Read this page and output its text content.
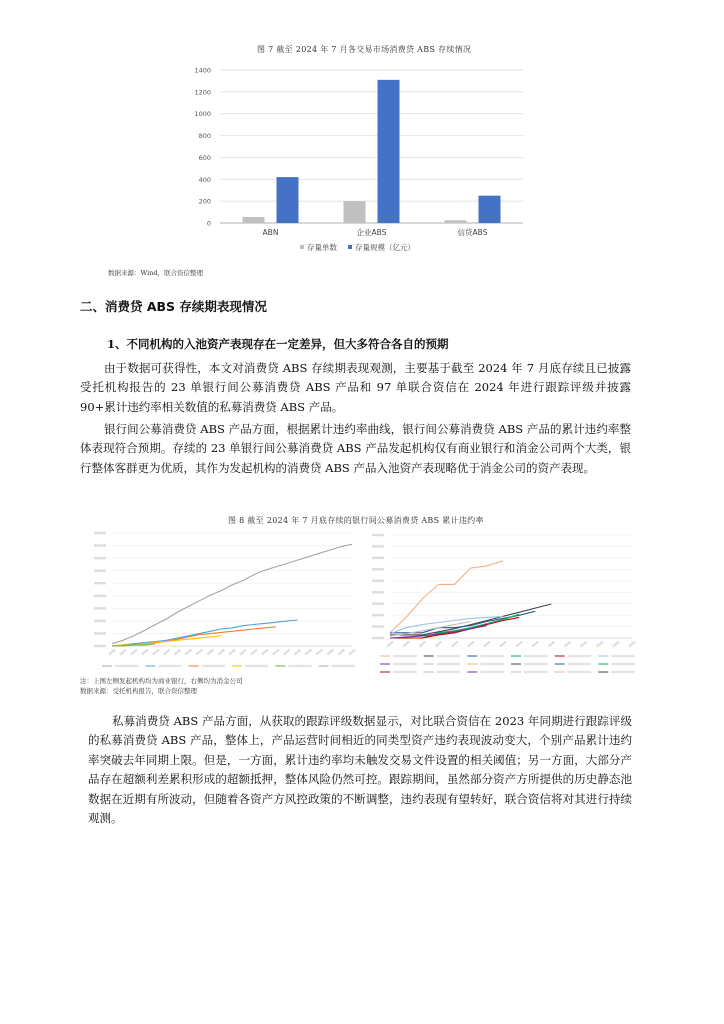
图 7 截至 2024 年 7 月各交易市场消费贷 ABS 存续情况
0
200
400
600
800
1000
1200
1400
ABN	企业ABS	信贷ABS
存量单数 存量规模（亿元）
数据来源：Wind，联合资信整理
二、消费贷 ABS 存续期表现情况
1、不同机构的入池资产表现存在一定差异，但大多符合各自的预期
由于数据可获得性，本文对消费贷 ABS 存续期表现观测，主要基于截至 2024 年 7 月底存续且已披露受托机构报告的 23 单银行间公募消费贷 ABS 产品和 97 单联合资信在 2024 年进行跟踪评级并披露 90+累计违约率相关数值的私募消费贷 ABS 产品。
银行间公募消费贷 ABS 产品方面，根据累计违约率曲线，银行间公募消费贷 ABS 产品的累计违约率整体表现符合预期。存续的 23 单银行间公募消费贷 ABS 产品发起机构仅有商业银行和消金公司两个大类，银行整体客群更为优质，其作为发起机构的消费贷 ABS 产品入池资产表现略优于消金公司的资产表现。
图 8 截至 2024 年 7 月底存续的银行间公募消费贷 ABS 累计违约率
注：上图左侧发起机构均为商业银行，右侧均为消金公司
数据来源：受托机构报告，联合资信整理
私募消费贷 ABS 产品方面，从获取的跟踪评级数据显示，对比联合资信在 2023 年同期进行跟踪评级的私募消费贷 ABS 产品，整体上，产品运营时间相近的同类型资产违约表现波动变大，个别产品累计违约率突破去年同期上限。但是，一方面，累计违约率均未触发交易文件设置的相关阈值；另一方面，大部分产品存在超额利差累积形成的超额抵押，整体风险仍然可控。跟踪期间，虽然部分资产方所提供的历史静态池数据在近期有所波动，但随着各资产方风控政策的不断调整，违约表现有望转好，联合资信将对其进行持续观测。
